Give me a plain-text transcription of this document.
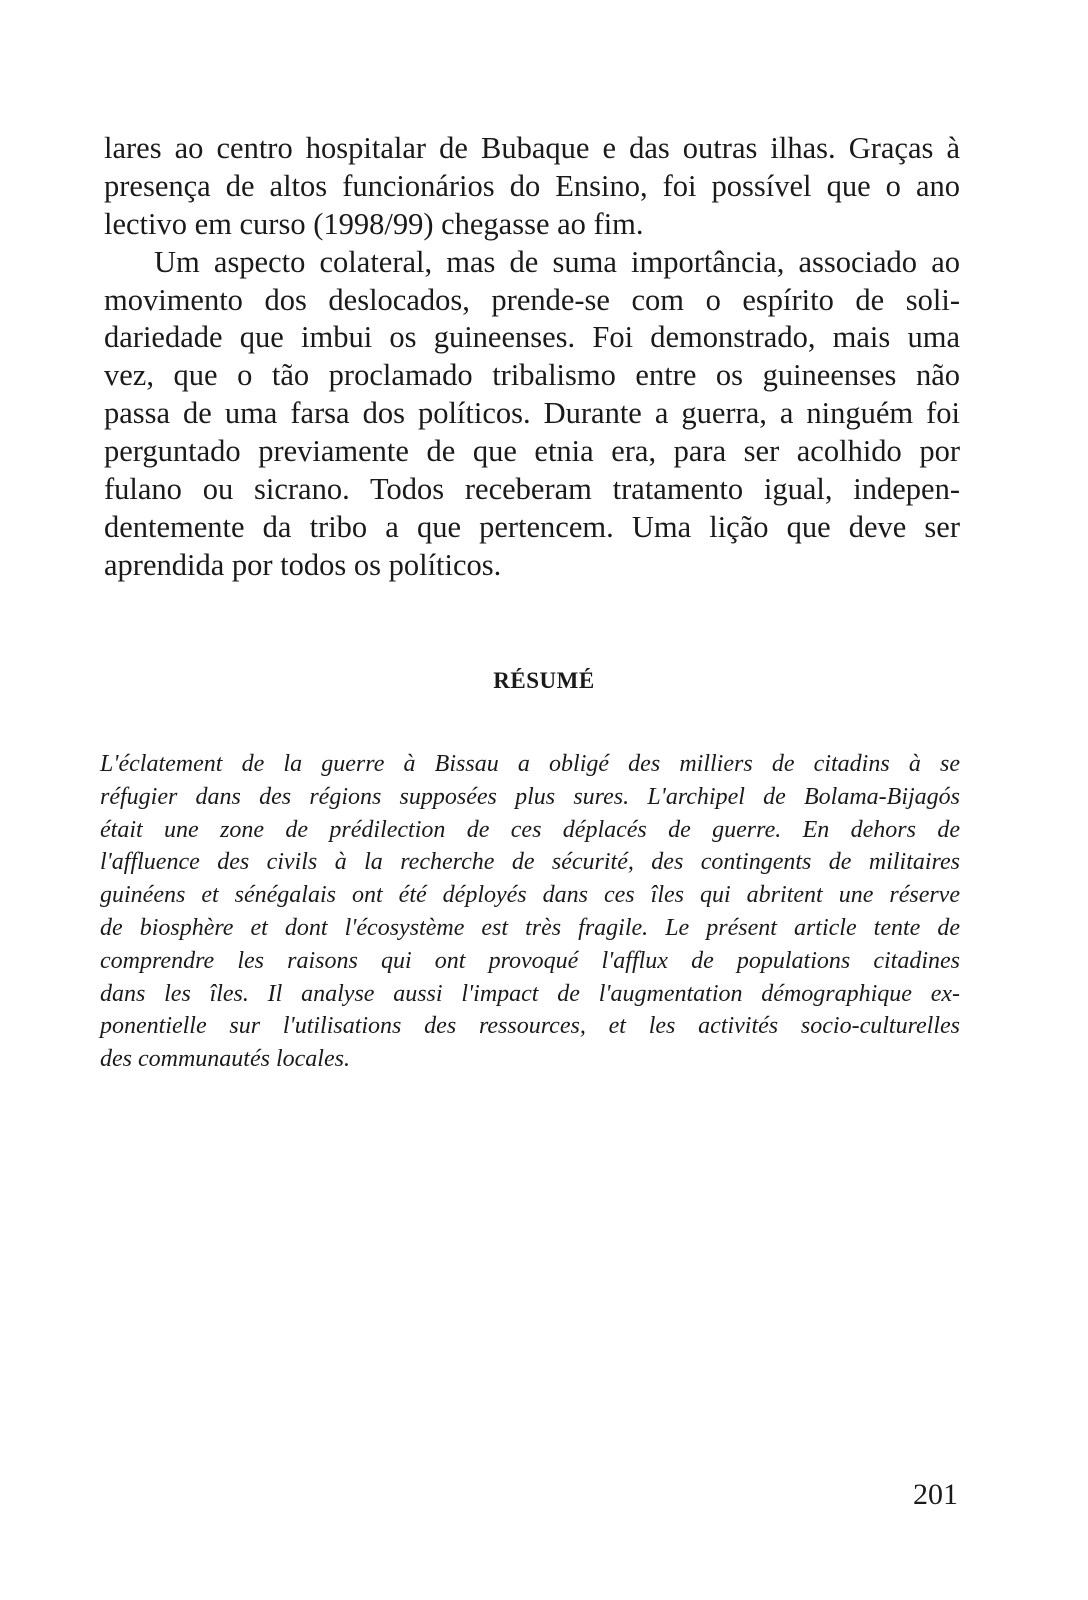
lares ao centro hospitalar de Bubaque e das outras ilhas. Graças à
presença de altos funcionários do Ensino, foi possível que o ano
lectivo em curso (1998/99) chegasse ao fim.
Um aspecto colateral, mas de suma importância, associado ao
movimento dos deslocados, prende-se com o espírito de soli-
dariedade que imbui os guineenses. Foi demonstrado, mais uma
vez, que o tão proclamado tribalismo entre os guineenses não
passa de uma farsa dos políticos. Durante a guerra, a ninguém foi
perguntado previamente de que etnia era, para ser acolhido por
fulano ou sicrano. Todos receberam tratamento igual, indepen-
dentemente da tribo a que pertencem. Uma lição que deve ser
aprendida por todos os políticos.
RÉSUMÉ
L'éclatement de la guerre à Bissau a obligé des milliers de citadins à se
réfugier dans des régions supposées plus sures. L'archipel de Bolama-Bijagós
était une zone de prédilection de ces déplacés de guerre. En dehors de
l'affluence des civils à la recherche de sécurité, des contingents de militaires
guinéens et sénégalais ont été déployés dans ces îles qui abritent une réserve
de biosphère et dont l'écosystème est très fragile. Le présent article tente de
comprendre les raisons qui ont provoqué l'afflux de populations citadines
dans les îles. Il analyse aussi l'impact de l'augmentation démographique ex-
ponentielle sur l'utilisations des ressources, et les activités socio-culturelles
des communautés locales.
201
